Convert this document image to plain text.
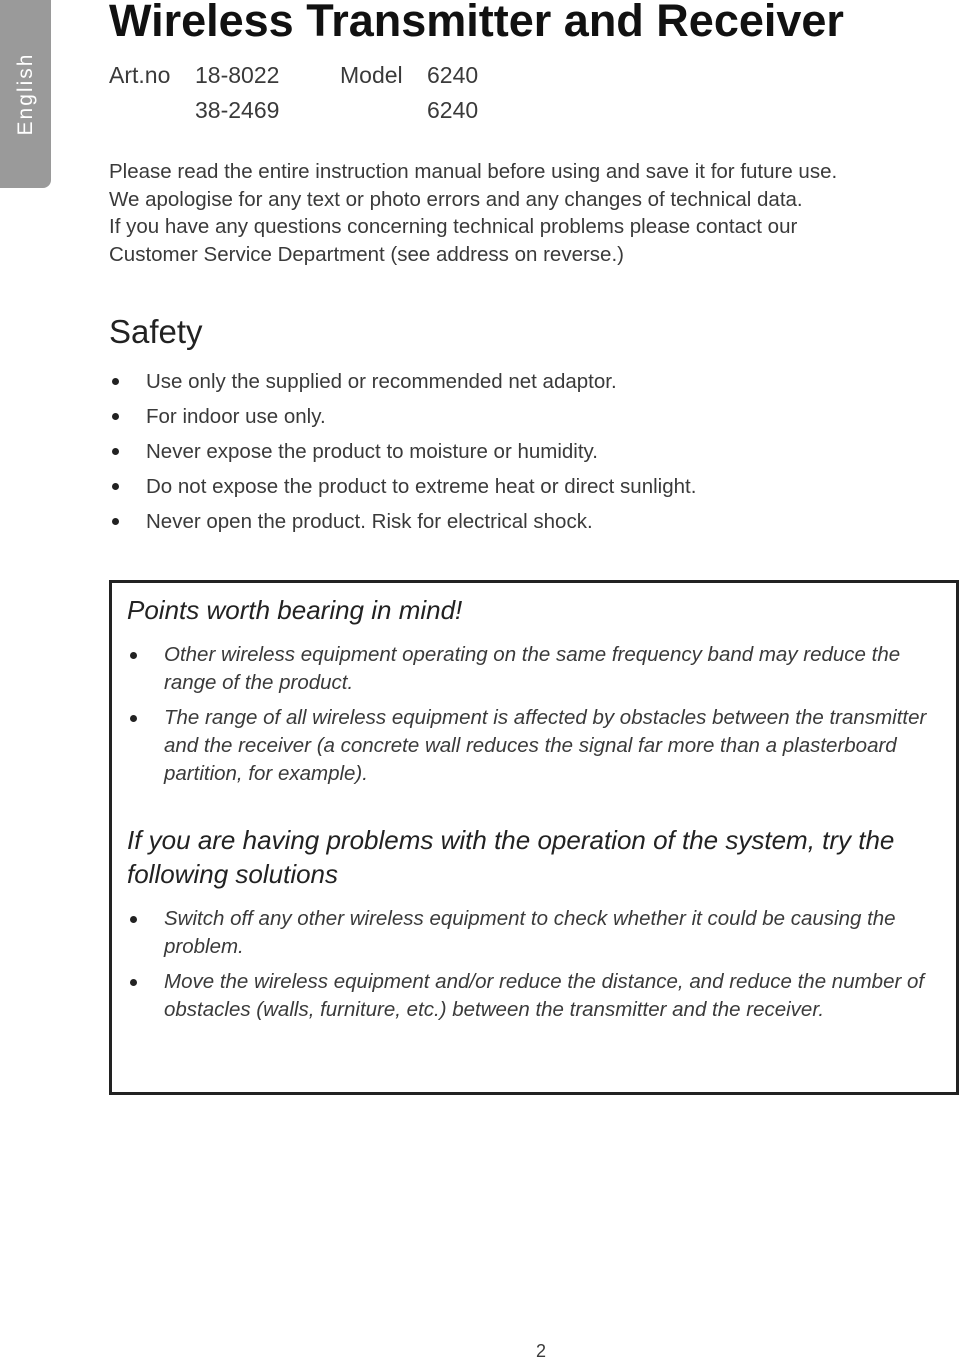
English
Wireless Transmitter and Receiver
Art.no 18-8022	Model 6240
38-2469	6240
Please read the entire instruction manual before using and save it for future use.
We apologise for any text or photo errors and any changes of technical data.
If you have any questions concerning technical problems please contact our
Customer Service Department (see address on reverse.)
Safety
Use only the supplied or recommended net adaptor.
For indoor use only.
Never expose the product to moisture or humidity.
Do not expose the product to extreme heat or direct sunlight.
Never open the product. Risk for electrical shock.
Points worth bearing in mind!
Other wireless equipment operating on the same frequency band may reduce the range of the product.
The range of all wireless equipment is affected by obstacles between the transmitter and the receiver (a concrete wall reduces the signal far more than a plasterboard partition, for example).
If you are having problems with the operation of the system, try the following solutions
Switch off any other wireless equipment to check whether it could be causing the problem.
Move the wireless equipment and/or reduce the distance, and reduce the number of obstacles (walls, furniture, etc.) between the transmitter and the receiver.
2
